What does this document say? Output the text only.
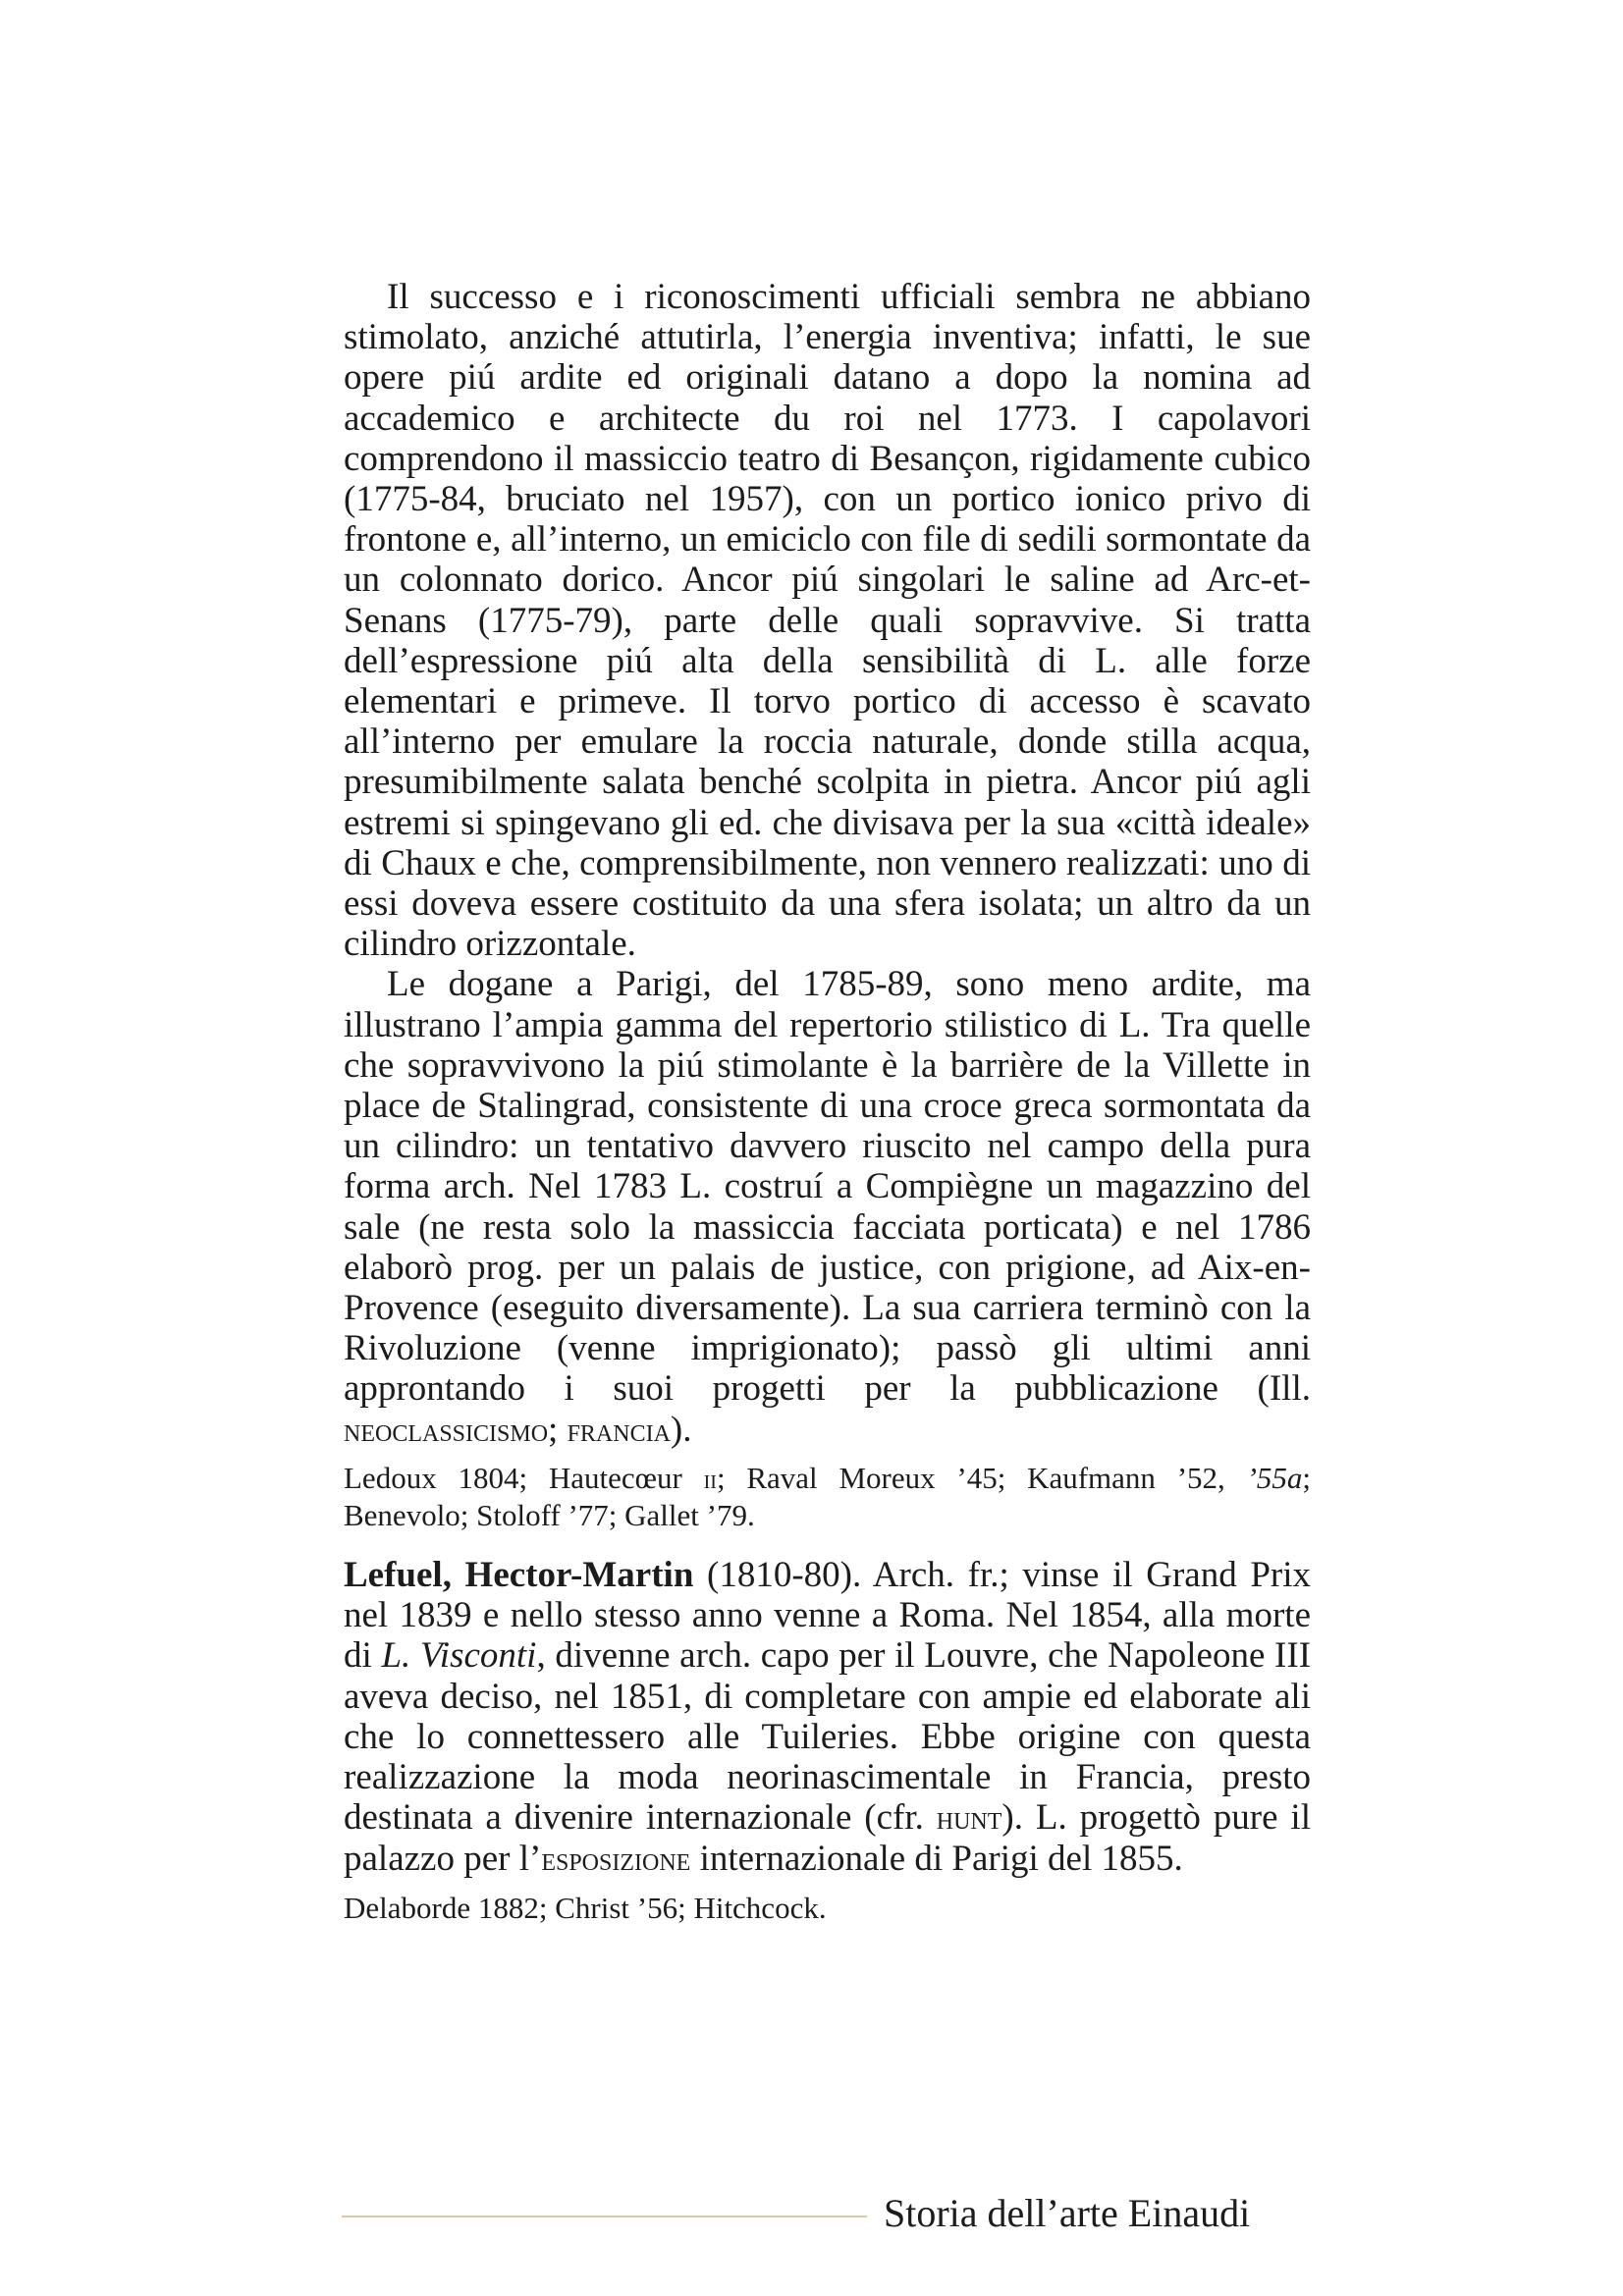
Il successo e i riconoscimenti ufficiali sembra ne abbiano stimolato, anziché attutirla, l’energia inventiva; infatti, le sue opere piú ardite ed originali datano a dopo la nomina ad accademico e architecte du roi nel 1773. I capolavori comprendono il massiccio teatro di Besançon, rigidamente cubico (1775-84, bruciato nel 1957), con un portico ionico privo di frontone e, all’interno, un emiciclo con file di sedili sormontate da un colonnato dorico. Ancor piú singolari le saline ad Arc-et-Senans (1775-79), parte delle quali sopravvive. Si tratta dell’espressione piú alta della sensibilità di L. alle forze elementari e primeve. Il torvo portico di accesso è scavato all’interno per emulare la roccia naturale, donde stilla acqua, presumibilmente salata benché scolpita in pietra. Ancor piú agli estremi si spingevano gli ed. che divisava per la sua «città ideale» di Chaux e che, comprensibilmente, non vennero realizzati: uno di essi doveva essere costituito da una sfera isolata; un altro da un cilindro orizzontale.

Le dogane a Parigi, del 1785-89, sono meno ardite, ma illustrano l’ampia gamma del repertorio stilistico di L. Tra quelle che sopravvivono la piú stimolante è la barrière de la Villette in place de Stalingrad, consistente di una croce greca sormontata da un cilindro: un tentativo davvero riuscito nel campo della pura forma arch. Nel 1783 L. costruí a Compiègne un magazzino del sale (ne resta solo la massiccia facciata porticata) e nel 1786 elaborò prog. per un palais de justice, con prigione, ad Aix-en-Provence (eseguito diversamente). La sua carriera terminò con la Rivoluzione (venne imprigionato); passò gli ultimi anni approntando i suoi progetti per la pubblicazione (Ill. neoclassicismo; francia).

Ledoux 1804; Hautecœur ii; Raval Moreux ’45; Kaufmann ’52, ’55a; Benevolo; Stoloff ’77; Gallet ’79.

Lefuel, Hector-Martin (1810-80). Arch. fr.; vinse il Grand Prix nel 1839 e nello stesso anno venne a Roma. Nel 1854, alla morte di L. Visconti, divenne arch. capo per il Louvre, che Napoleone III aveva deciso, nel 1851, di completare con ampie ed elaborate ali che lo connettessero alle Tuileries. Ebbe origine con questa realizzazione la moda neorinascimentale in Francia, presto destinata a divenire internazionale (cfr. hunt). L. progettò pure il palazzo per l’esposizione internazionale di Parigi del 1855.

Delaborde 1882; Christ ’56; Hitchcock.

Storia dell’arte Einaudi
